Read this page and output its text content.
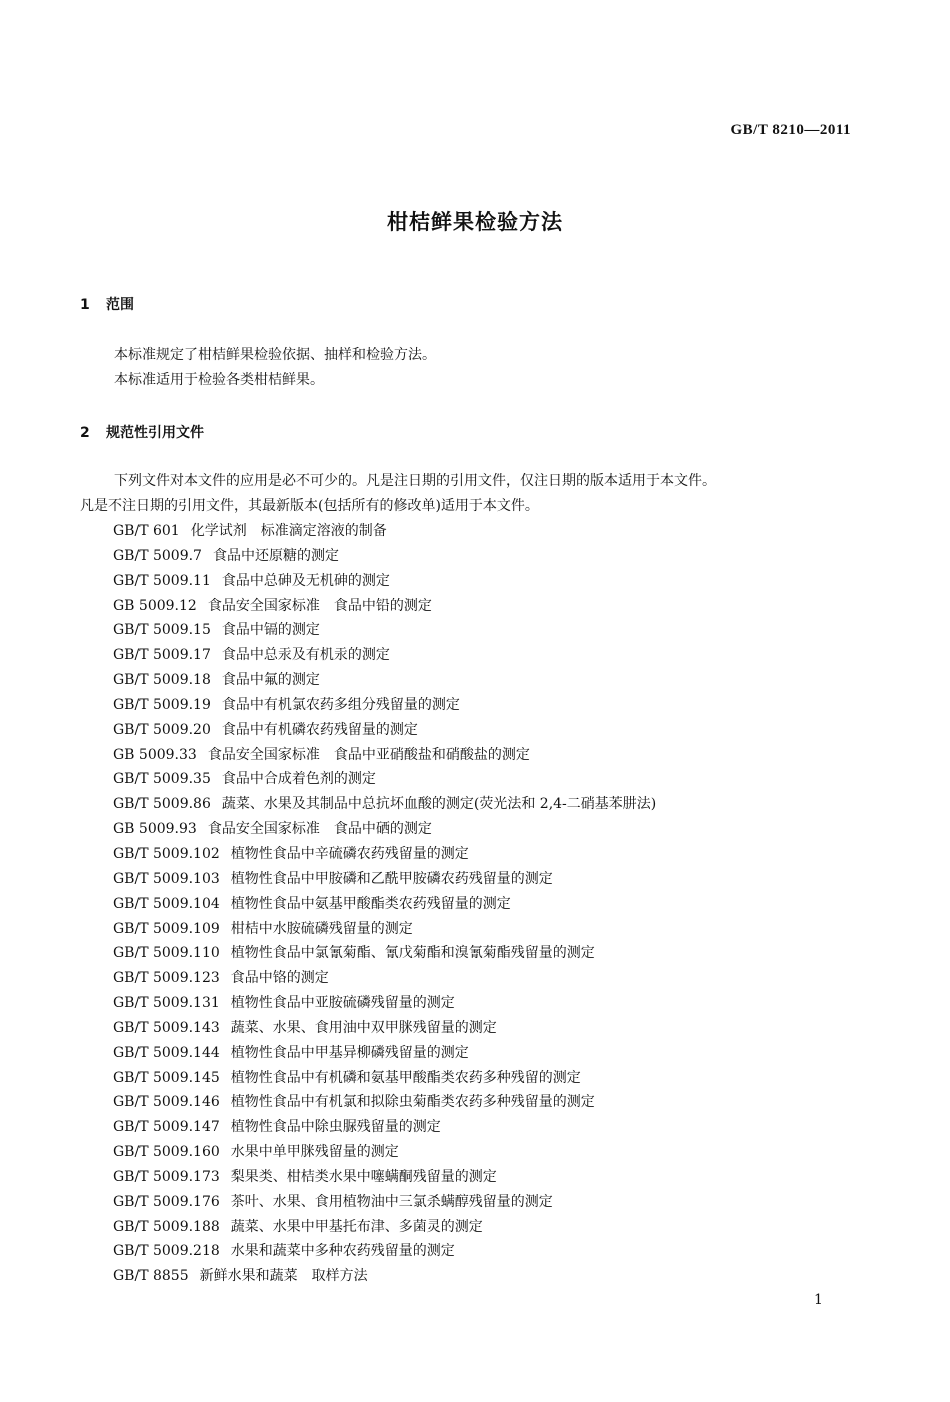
GB/T 8210—2011
柑桔鲜果检验方法
1 范围
本标准规定了柑桔鲜果检验依据、抽样和检验方法。
本标准适用于检验各类柑桔鲜果。
2 规范性引用文件

下列文件对本文件的应用是必不可少的。凡是注日期的引用文件，仅注日期的版本适用于本文件。

凡是不注日期的引用文件，其最新版本(包括所有的修改单)适用于本文件。

GB/T 601 化学试剂　标准滴定溶液的制备
GB/T 5009.7 食品中还原糖的测定
GB/T 5009.11 食品中总砷及无机砷的测定
GB 5009.12 食品安全国家标准　食品中铅的测定
GB/T 5009.15 食品中镉的测定
GB/T 5009.17 食品中总汞及有机汞的测定
GB/T 5009.18 食品中氟的测定
GB/T 5009.19 食品中有机氯农药多组分残留量的测定
GB/T 5009.20 食品中有机磷农药残留量的测定
GB 5009.33 食品安全国家标准　食品中亚硝酸盐和硝酸盐的测定
GB/T 5009.35 食品中合成着色剂的测定
GB/T 5009.86 蔬菜、水果及其制品中总抗坏血酸的测定(荧光法和 2,4-二硝基苯肼法)
GB 5009.93 食品安全国家标准　食品中硒的测定
GB/T 5009.102 植物性食品中辛硫磷农药残留量的测定
GB/T 5009.103 植物性食品中甲胺磷和乙酰甲胺磷农药残留量的测定
GB/T 5009.104 植物性食品中氨基甲酸酯类农药残留量的测定
GB/T 5009.109 柑桔中水胺硫磷残留量的测定
GB/T 5009.110 植物性食品中氯氰菊酯、氰戊菊酯和溴氰菊酯残留量的测定
GB/T 5009.123 食品中铬的测定
GB/T 5009.131 植物性食品中亚胺硫磷残留量的测定
GB/T 5009.143 蔬菜、水果、食用油中双甲脒残留量的测定
GB/T 5009.144 植物性食品中甲基异柳磷残留量的测定
GB/T 5009.145 植物性食品中有机磷和氨基甲酸酯类农药多种残留的测定
GB/T 5009.146 植物性食品中有机氯和拟除虫菊酯类农药多种残留量的测定
GB/T 5009.147 植物性食品中除虫脲残留量的测定
GB/T 5009.160 水果中单甲脒残留量的测定
GB/T 5009.173 梨果类、柑桔类水果中噻螨酮残留量的测定
GB/T 5009.176 茶叶、水果、食用植物油中三氯杀螨醇残留量的测定
GB/T 5009.188 蔬菜、水果中甲基托布津、多菌灵的测定
GB/T 5009.218 水果和蔬菜中多种农药残留量的测定
GB/T 8855 新鲜水果和蔬菜　取样方法
1
